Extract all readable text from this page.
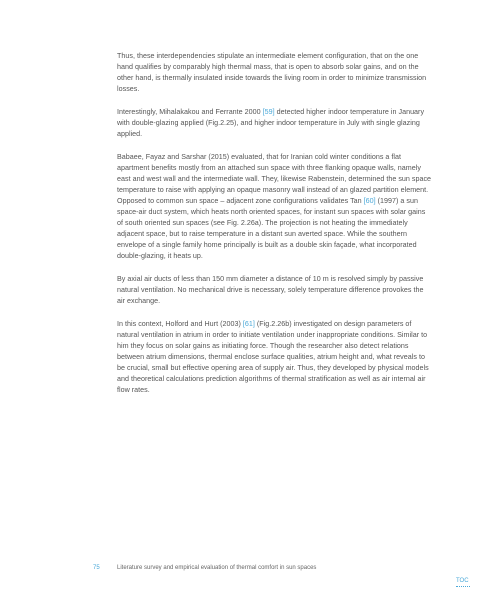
Thus, these interdependencies stipulate an intermediate element configuration, that on the one hand qualifies by comparably high thermal mass, that is open to absorb solar gains, and on the other hand, is thermally insulated inside towards the living room in order to minimize transmission losses.

Interestingly, Mihalakakou and Ferrante 2000 [59] detected higher indoor temperature in January with double-glazing applied (Fig.2.25), and higher indoor temperature in July with single glazing applied.

Babaee, Fayaz and Sarshar (2015) evaluated, that for Iranian cold winter conditions a flat apartment benefits mostly from an attached sun space with three flanking opaque walls, namely east and west wall and the intermediate wall. They, likewise Rabenstein, determined the sun space temperature to raise with applying an opaque masonry wall instead of an glazed partition element. Opposed to common sun space – adjacent zone configurations validates Tan [60] (1997) a sun space-air duct system, which heats north oriented spaces, for instant sun spaces with solar gains of south oriented sun spaces (see Fig. 2.26a). The projection is not heating the immediately adjacent space, but to raise temperature in a distant sun averted space. While the southern envelope of a single family home principally is built as a double skin façade, what incorporated double-glazing, it heats up.

By axial air ducts of less than 150 mm diameter a distance of 10 m is resolved simply by passive natural ventilation. No mechanical drive is necessary, solely temperature difference provokes the air exchange.

In this context, Holford and Hurt (2003) [61] (Fig.2.26b) investigated on design parameters of natural ventilation in atrium in order to initiate ventilation under inappropriate conditions. Similar to him they focus on solar gains as initiating force. Though the researcher also detect relations between atrium dimensions, thermal enclose surface qualities, atrium height and, what reveals to be crucial, small but effective opening area of supply air. Thus, they developed by physical models and theoretical calculations prediction algorithms of thermal stratification as well as air internal air flow rates.

75	Literature survey and empirical evaluation of thermal comfort in sun spaces
TOC
